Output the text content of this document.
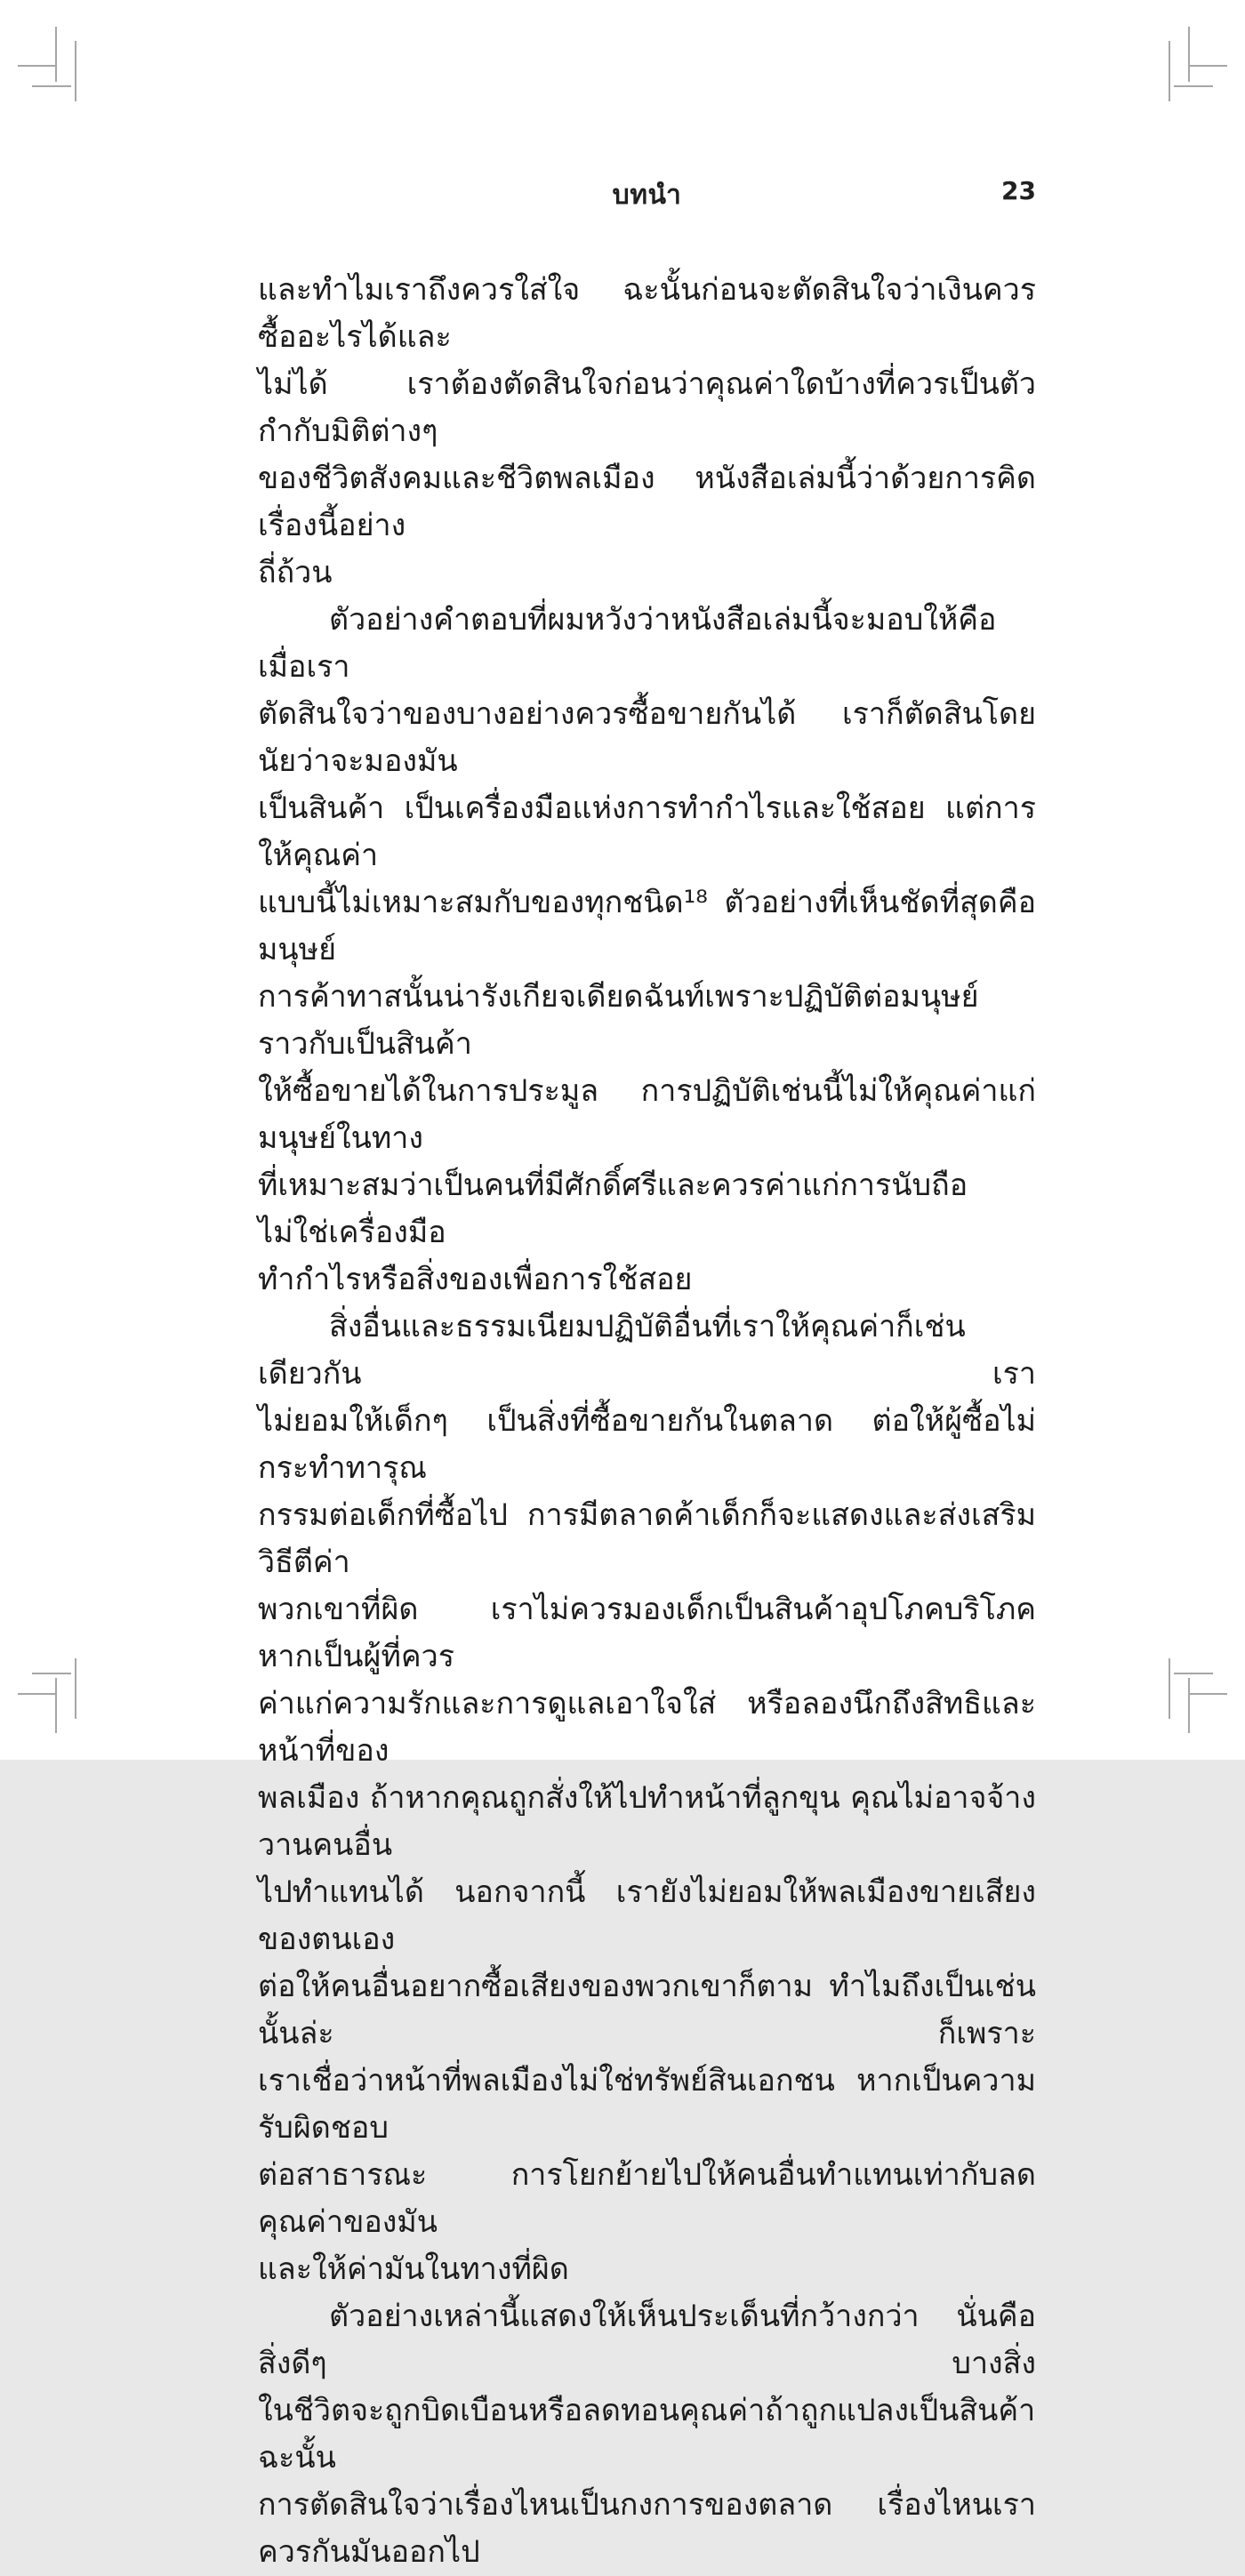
บทนำ	23
และทำไมเราถึงควรใส่ใจ ฉะนั้นก่อนจะตัดสินใจว่าเงินควรซื้ออะไรได้และ
ไม่ได้ เราต้องตัดสินใจก่อนว่าคุณค่าใดบ้างที่ควรเป็นตัวกำกับมิติต่างๆ
ของชีวิตสังคมและชีวิตพลเมือง หนังสือเล่มนี้ว่าด้วยการคิดเรื่องนี้อย่าง
ถี่ถ้วน
ตัวอย่างคำตอบที่ผมหวังว่าหนังสือเล่มนี้จะมอบให้คือ เมื่อเรา
ตัดสินใจว่าของบางอย่างควรซื้อขายกันได้ เราก็ตัดสินโดยนัยว่าจะมองมัน
เป็นสินค้า เป็นเครื่องมือแห่งการทำกำไรและใช้สอย แต่การให้คุณค่า
แบบนี้ไม่เหมาะสมกับของทุกชนิด¹⁸ ตัวอย่างที่เห็นชัดที่สุดคือมนุษย์
การค้าทาสนั้นน่ารังเกียจเดียดฉันท์เพราะปฏิบัติต่อมนุษย์ราวกับเป็นสินค้า
ให้ซื้อขายได้ในการประมูล การปฏิบัติเช่นนี้ไม่ให้คุณค่าแก่มนุษย์ในทาง
ที่เหมาะสมว่าเป็นคนที่มีศักดิ์ศรีและควรค่าแก่การนับถือ ไม่ใช่เครื่องมือ
ทำกำไรหรือสิ่งของเพื่อการใช้สอย
สิ่งอื่นและธรรมเนียมปฏิบัติอื่นที่เราให้คุณค่าก็เช่นเดียวกัน เรา
ไม่ยอมให้เด็กๆ เป็นสิ่งที่ซื้อขายกันในตลาด ต่อให้ผู้ซื้อไม่กระทำทารุณ
กรรมต่อเด็กที่ซื้อไป การมีตลาดค้าเด็กก็จะแสดงและส่งเสริมวิธีตีค่า
พวกเขาที่ผิด เราไม่ควรมองเด็กเป็นสินค้าอุปโภคบริโภค หากเป็นผู้ที่ควร
ค่าแก่ความรักและการดูแลเอาใจใส่ หรือลองนึกถึงสิทธิและหน้าที่ของ
พลเมือง ถ้าหากคุณถูกสั่งให้ไปทำหน้าที่ลูกขุน คุณไม่อาจจ้างวานคนอื่น
ไปทำแทนได้ นอกจากนี้ เรายังไม่ยอมให้พลเมืองขายเสียงของตนเอง
ต่อให้คนอื่นอยากซื้อเสียงของพวกเขาก็ตาม ทำไมถึงเป็นเช่นนั้นล่ะ ก็เพราะ
เราเชื่อว่าหน้าที่พลเมืองไม่ใช่ทรัพย์สินเอกชน หากเป็นความรับผิดชอบ
ต่อสาธารณะ การโยกย้ายไปให้คนอื่นทำแทนเท่ากับลดคุณค่าของมัน
และให้ค่ามันในทางที่ผิด
ตัวอย่างเหล่านี้แสดงให้เห็นประเด็นที่กว้างกว่า นั่นคือ สิ่งดีๆ บางสิ่ง
ในชีวิตจะถูกบิดเบือนหรือลดทอนคุณค่าถ้าถูกแปลงเป็นสินค้า ฉะนั้น
การตัดสินใจว่าเรื่องไหนเป็นกงการของตลาด เรื่องไหนเราควรกันมันออกไป
